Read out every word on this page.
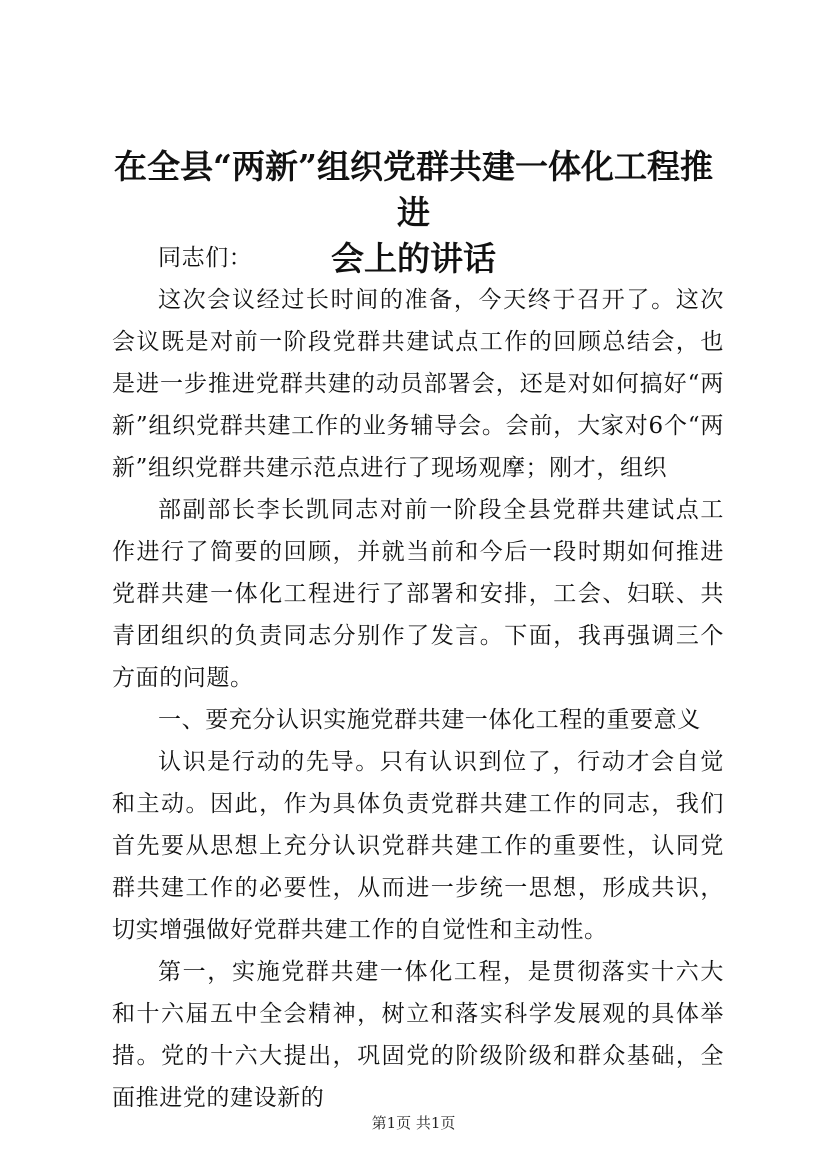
在全县“两新”组织党群共建一体化工程推进
会上的讲话

同志们：

这次会议经过长时间的准备，今天终于召开了。这次会议既是对前一阶段党群共建试点工作的回顾总结会，也是进一步推进党群共建的动员部署会，还是对如何搞好“两新”组织党群共建工作的业务辅导会。会前，大家对6个“两新”组织党群共建示范点进行了现场观摩；刚才，组织

部副部长李长凯同志对前一阶段全县党群共建试点工作进行了简要的回顾，并就当前和今后一段时期如何推进党群共建一体化工程进行了部署和安排，工会、妇联、共青团组织的负责同志分别作了发言。下面，我再强调三个方面的问题。

一、要充分认识实施党群共建一体化工程的重要意义

认识是行动的先导。只有认识到位了，行动才会自觉和主动。因此，作为具体负责党群共建工作的同志，我们首先要从思想上充分认识党群共建工作的重要性，认同党群共建工作的必要性，从而进一步统一思想，形成共识，切实增强做好党群共建工作的自觉性和主动性。

第一，实施党群共建一体化工程，是贯彻落实十六大和十六届五中全会精神，树立和落实科学发展观的具体举措。党的十六大提出，巩固党的阶级阶级和群众基础，全面推进党的建设新的

第1页 共1页
